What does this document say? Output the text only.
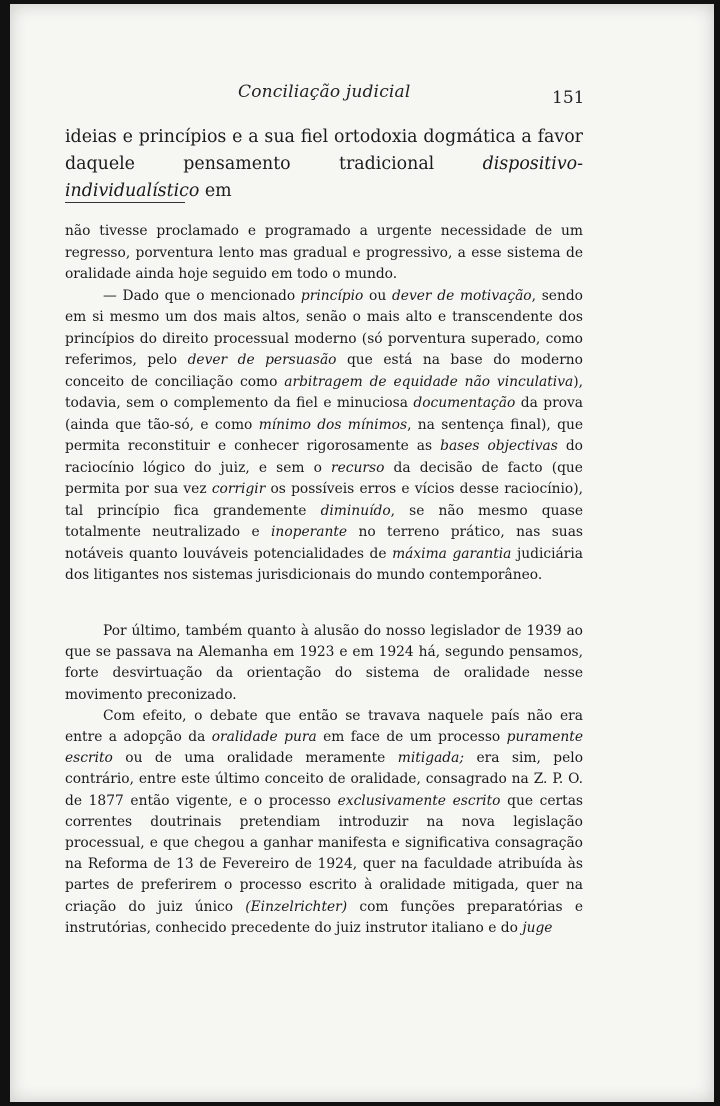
Conciliação judicial	151

ideias e princípios e a sua fiel ortodoxia dogmática a favor daquele pensamento tradicional dispositivo-individualístico em

não tivesse proclamado e programado a urgente necessidade de um regresso, porventura lento mas gradual e progressivo, a esse sistema de oralidade ainda hoje seguido em todo o mundo.

— Dado que o mencionado princípio ou dever de motivação, sendo em si mesmo um dos mais altos, senão o mais alto e transcendente dos princípios do direito processual moderno (só porventura superado, como referimos, pelo dever de persuasão que está na base do moderno conceito de conciliação como arbitragem de equidade não vinculativa), todavia, sem o complemento da fiel e minuciosa documentação da prova (ainda que tão-só, e como mínimo dos mínimos, na sentença final), que permita reconstituir e conhecer rigorosamente as bases objectivas do raciocínio lógico do juiz, e sem o recurso da decisão de facto (que permita por sua vez corrigir os possíveis erros e vícios desse raciocínio), tal princípio fica grandemente diminuído, se não mesmo quase totalmente neutralizado e inoperante no terreno prático, nas suas notáveis quanto louváveis potencialidades de máxima garantia judiciária dos litigantes nos sistemas jurisdicionais do mundo contemporâneo.

Por último, também quanto à alusão do nosso legislador de 1939 ao que se passava na Alemanha em 1923 e em 1924 há, segundo pensamos, forte desvirtuação da orientação do sistema de oralidade nesse movimento preconizado.

Com efeito, o debate que então se travava naquele país não era entre a adopção da oralidade pura em face de um processo puramente escrito ou de uma oralidade meramente mitigada; era sim, pelo contrário, entre este último conceito de oralidade, consagrado na Z. P. O. de 1877 então vigente, e o processo exclusivamente escrito que certas correntes doutrinais pretendiam introduzir na nova legislação processual, e que chegou a ganhar manifesta e significativa consagração na Reforma de 13 de Fevereiro de 1924, quer na faculdade atribuída às partes de preferirem o processo escrito à oralidade mitigada, quer na criação do juiz único (Einzelrichter) com funções preparatórias e instrutórias, conhecido precedente do juiz instrutor italiano e do juge
